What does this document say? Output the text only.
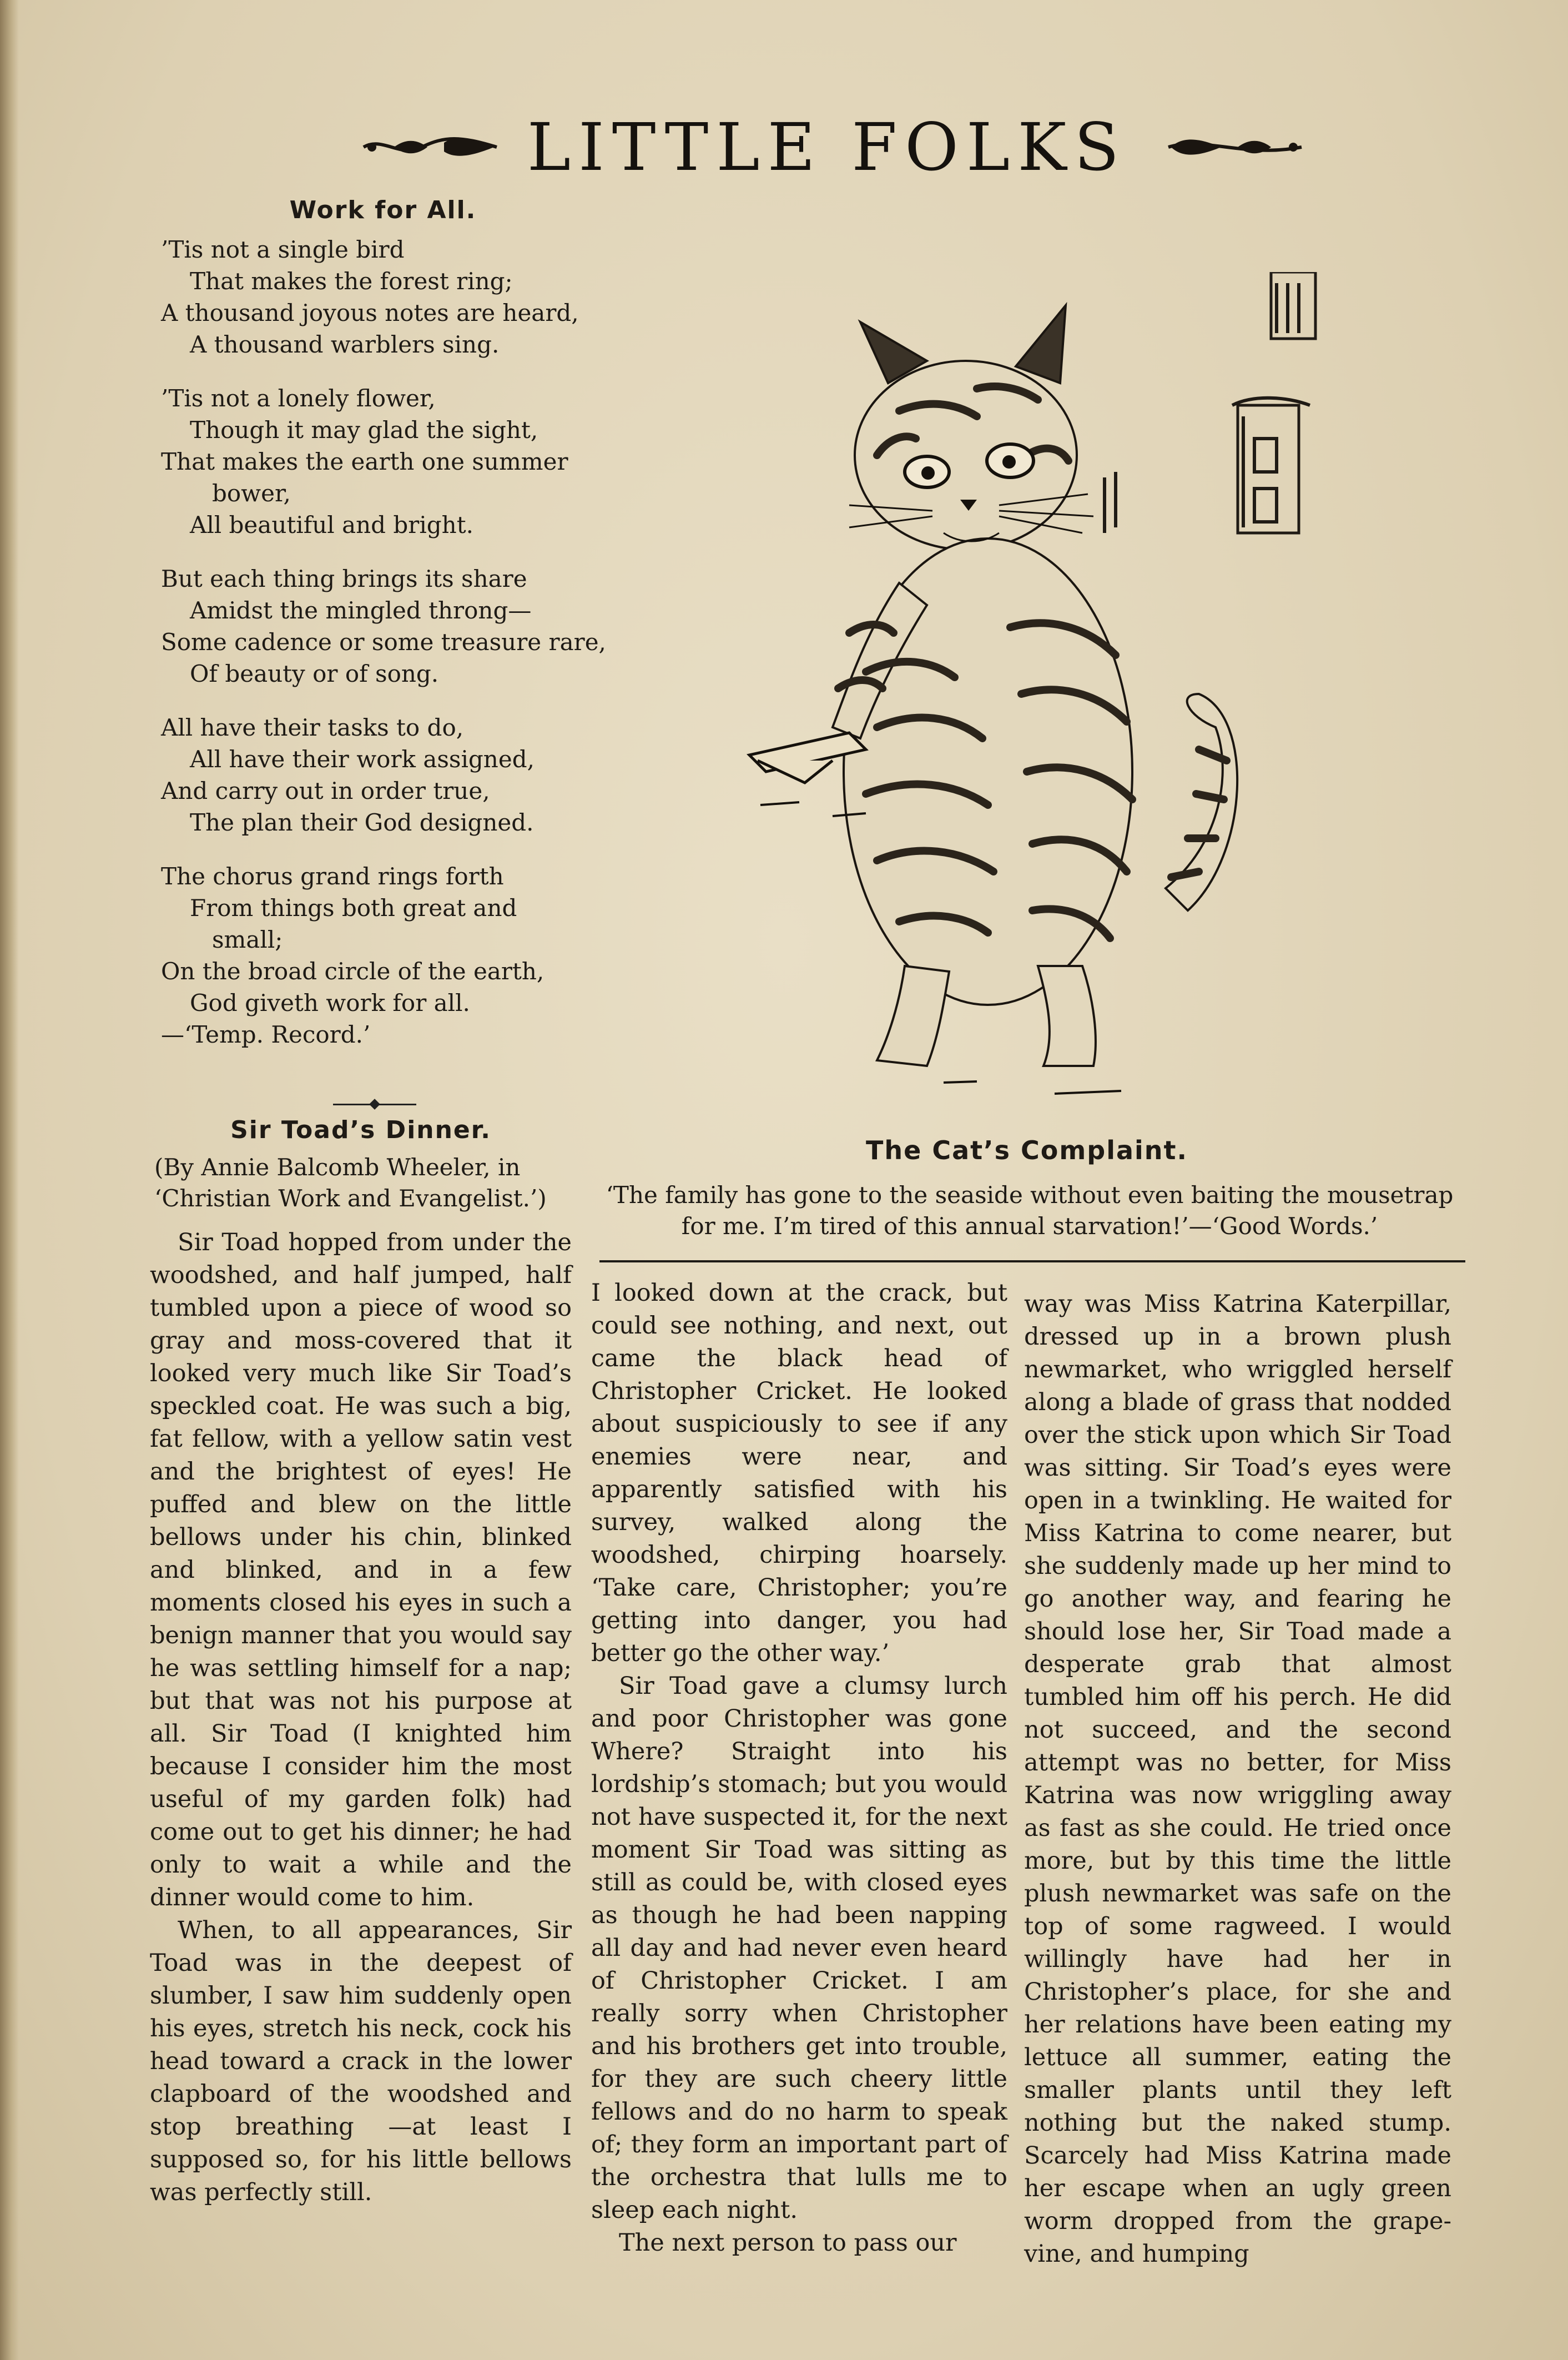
LITTLE FOLKS
Work for All.
’Tis not a single bird
That makes the forest ring;
A thousand joyous notes are heard,
A thousand warblers sing.
’Tis not a lonely flower,
Though it may glad the sight,
That makes the earth one summer
bower,
All beautiful and bright.
But each thing brings its share
Amidst the mingled throng—
Some cadence or some treasure rare,
Of beauty or of song.
All have their tasks to do,
All have their work assigned,
And carry out in order true,
The plan their God designed.
The chorus grand rings forth
From things both great and
small;
On the broad circle of the earth,
God giveth work for all.
—‘Temp. Record.’
Sir Toad’s Dinner.
(By Annie Balcomb Wheeler, in ‘Christian Work and Evangelist.’)

Sir Toad hopped from under the woodshed, and half jumped, half tumbled upon a piece of wood so gray and moss-covered that it looked very much like Sir Toad’s speckled coat. He was such a big, fat fellow, with a yellow satin vest and the brightest of eyes! He puffed and blew on the little bellows under his chin, blinked and blinked, and in a few moments closed his eyes in such a benign manner that you would say he was settling himself for a nap; but that was not his purpose at all. Sir Toad (I knighted him because I consider him the most useful of my garden folk) had come out to get his dinner; he had only to wait a while and the dinner would come to him.

When, to all appearances, Sir Toad was in the deepest of slumber, I saw him suddenly open his eyes, stretch his neck, cock his head toward a crack in the lower clapboard of the woodshed and stop breathing —at least I supposed so, for his little bellows was perfectly still.

The Cat’s Complaint.
‘The family has gone to the seaside without even baiting the mousetrap for me. I’m tired of this annual starvation!’—‘Good Words.’

I looked down at the crack, but could see nothing, and next, out came the black head of Christopher Cricket. He looked about suspiciously to see if any enemies were near, and apparently satisfied with his survey, walked along the woodshed, chirping hoarsely. ‘Take care, Christopher; you’re getting into danger, you had better go the other way.’

Sir Toad gave a clumsy lurch and poor Christopher was gone Where? Straight into his lordship’s stomach; but you would not have suspected it, for the next moment Sir Toad was sitting as still as could be, with closed eyes as though he had been napping all day and had never even heard of Christopher Cricket. I am really sorry when Christopher and his brothers get into trouble, for they are such cheery little fellows and do no harm to speak of; they form an important part of the orchestra that lulls me to sleep each night.

The next person to pass our

way was Miss Katrina Katerpillar, dressed up in a brown plush newmarket, who wriggled herself along a blade of grass that nodded over the stick upon which Sir Toad was sitting. Sir Toad’s eyes were open in a twinkling. He waited for Miss Katrina to come nearer, but she suddenly made up her mind to go another way, and fearing he should lose her, Sir Toad made a desperate grab that almost tumbled him off his perch. He did not succeed, and the second attempt was no better, for Miss Katrina was now wriggling away as fast as she could. He tried once more, but by this time the little plush newmarket was safe on the top of some ragweed. I would willingly have had her in Christopher’s place, for she and her relations have been eating my lettuce all summer, eating the smaller plants until they left nothing but the naked stump. Scarcely had Miss Katrina made her escape when an ugly green worm dropped from the grape-vine, and humping
